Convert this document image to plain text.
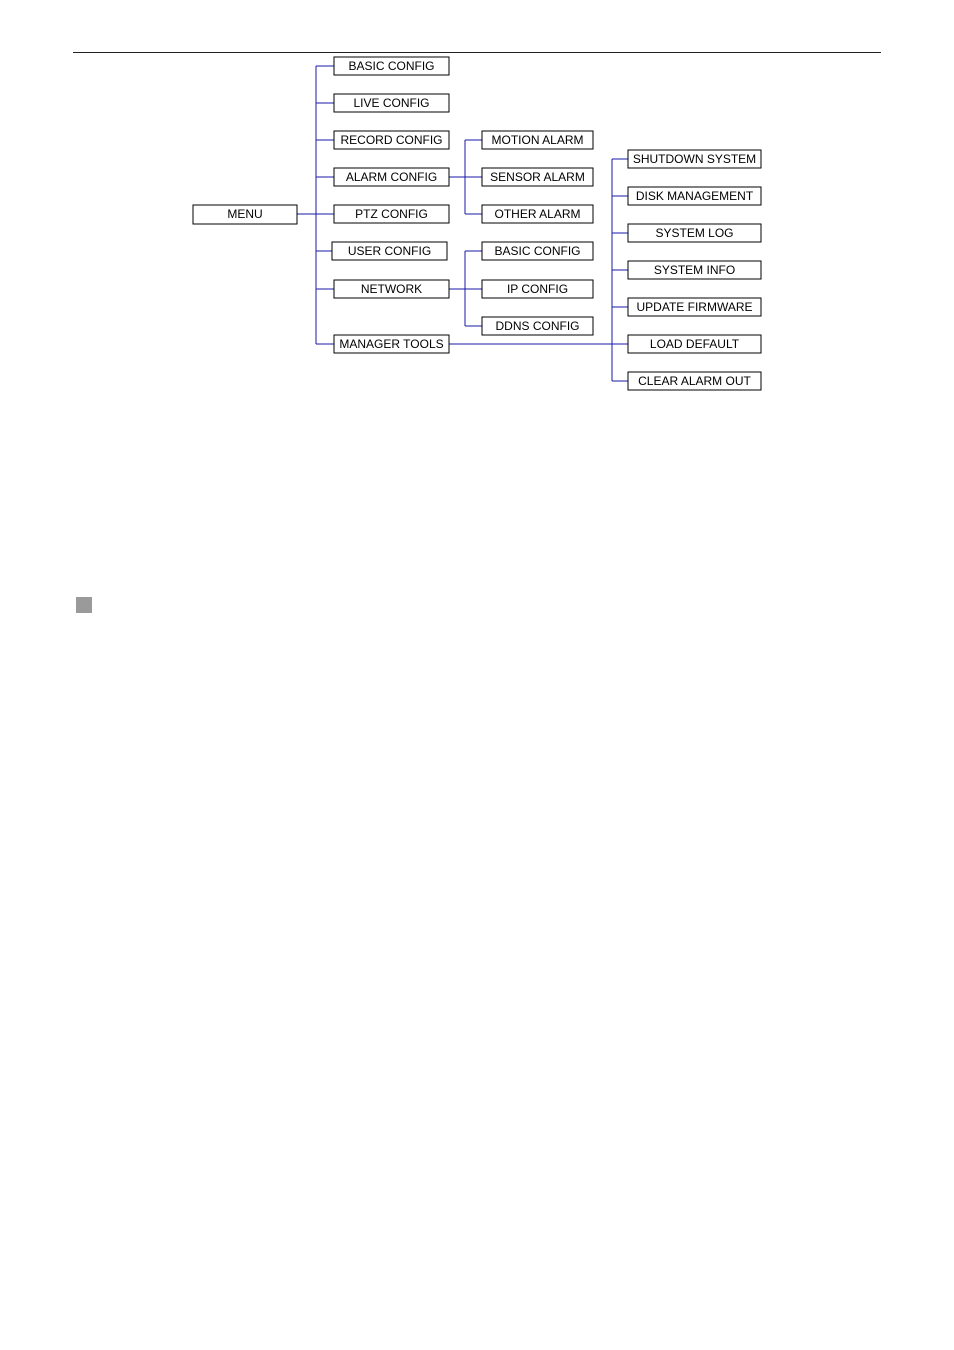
MENU
BASIC CONFIG
LIVE CONFIG
RECORD CONFIG
ALARM CONFIG
PTZ CONFIG
USER CONFIG
NETWORK
MANAGER TOOLS
MOTION ALARM
SENSOR ALARM
OTHER ALARM
BASIC CONFIG
IP CONFIG
DDNS CONFIG
SHUTDOWN SYSTEM
DISK MANAGEMENT
SYSTEM LOG
SYSTEM INFO
UPDATE FIRMWARE
LOAD DEFAULT
CLEAR ALARM OUT
